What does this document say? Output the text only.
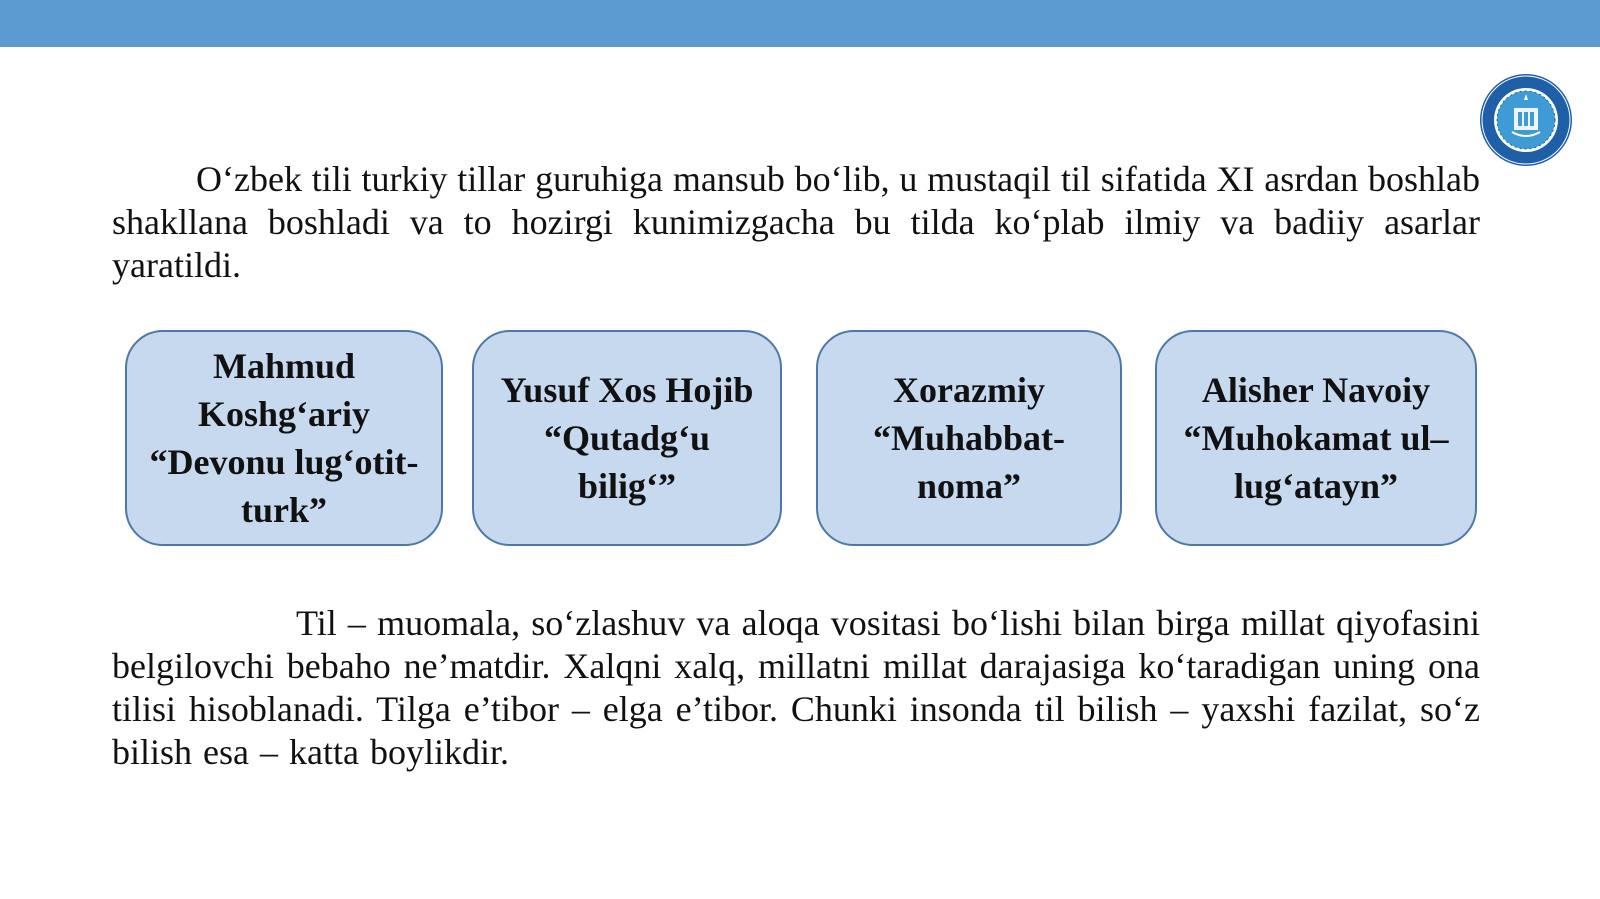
O‘zbek tili turkiy tillar guruhiga mansub bo‘lib, u mustaqil til sifatida XI asrdan boshlab shakllana boshladi va to hozirgi kunimizgacha bu tilda ko‘plab ilmiy va badiiy asarlar yaratildi.

Mahmud Koshg‘ariy “Devonu lug‘otit-turk”
Yusuf Xos Hojib “Qutadg‘u bilig‘”
Xorazmiy “Muhabbat-noma”
Alisher Navoiy “Muhokamat ul–lug‘atayn”

Til – muomala, so‘zlashuv va aloqa vositasi bo‘lishi bilan birga millat qiyofasini belgilovchi bebaho ne’matdir. Xalqni xalq, millatni millat darajasiga ko‘taradigan uning ona tilisi hisoblanadi. Tilga e’tibor – elga e’tibor. Chunki insonda til bilish – yaxshi fazilat, so‘z bilish esa – katta boylikdir.
